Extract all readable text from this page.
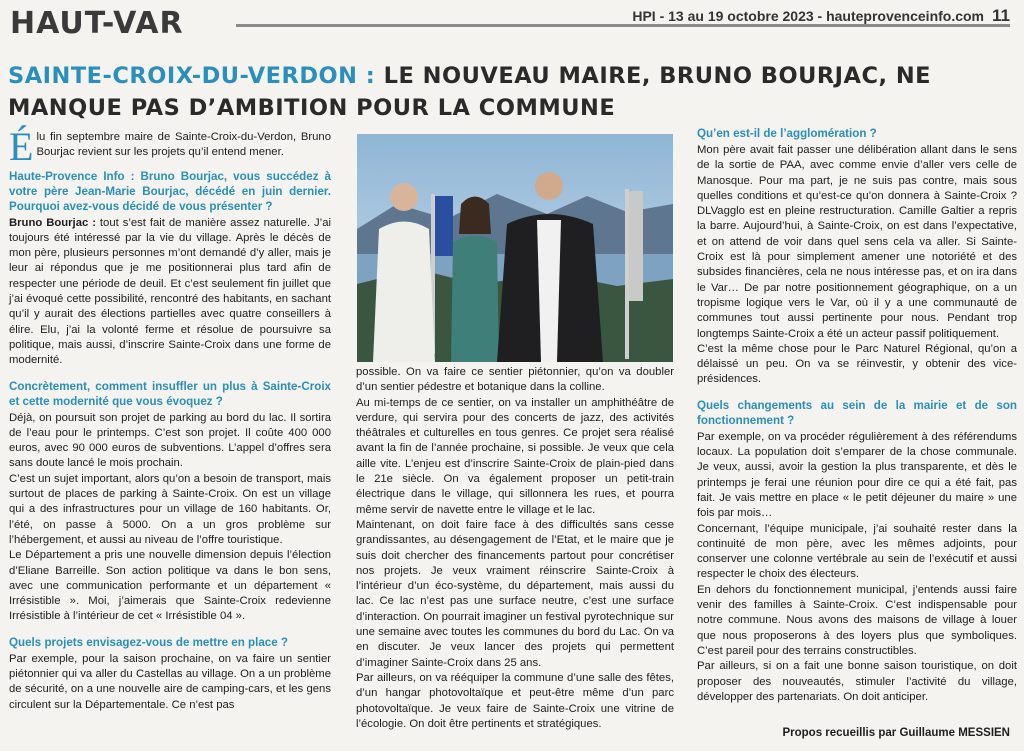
HAUT-VAR	HPI - 13 au 19 octobre 2023 - hauteprovenceinfo.com 11
SAINTE-CROIX-DU-VERDON : LE NOUVEAU MAIRE, BRUNO BOURJAC, NE MANQUE PAS D’AMBITION POUR LA COMMUNE

Élu fin septembre maire de Sainte-Croix-du-Verdon, Bruno Bourjac revient sur les projets qu’il entend mener.

Haute-Provence Info : Bruno Bourjac, vous succédez à votre père Jean-Marie Bourjac, décédé en juin dernier. Pourquoi avez-vous décidé de vous présenter ?

Bruno Bourjac : tout s’est fait de manière assez naturelle. J’ai toujours été intéressé par la vie du village. Après le décès de mon père, plusieurs personnes m’ont demandé d’y aller, mais je leur ai répondus que je me positionnerai plus tard afin de respecter une période de deuil. Et c’est seulement fin juillet que j’ai évoqué cette possibilité, rencontré des habitants, en sachant qu’il y aurait des élections partielles avec quatre conseillers à élire. Elu, j’ai la volonté ferme et résolue de poursuivre sa politique, mais aussi, d’inscrire Sainte-Croix dans une forme de modernité.

Concrètement, comment insuffler un plus à Sainte-Croix et cette modernité que vous évoquez ?

Déjà, on poursuit son projet de parking au bord du lac. Il sortira de l’eau pour le printemps. C’est son projet. Il coûte 400 000 euros, avec 90 000 euros de subventions. L’appel d’offres sera sans doute lancé le mois prochain.

C’est un sujet important, alors qu’on a besoin de transport, mais surtout de places de parking à Sainte-Croix. On est un village qui a des infrastructures pour un village de 160 habitants. Or, l’été, on passe à 5000. On a un gros problème sur l’hébergement, et aussi au niveau de l’offre touristique.

Le Département a pris une nouvelle dimension depuis l’élection d’Eliane Barreille. Son action politique va dans le bon sens, avec une communication performante et un département « Irrésistible ». Moi, j’aimerais que Sainte-Croix redevienne Irrésistible à l’intérieur de cet « Irrésistible 04 ».

Quels projets envisagez-vous de mettre en place ?

Par exemple, pour la saison prochaine, on va faire un sentier piétonnier qui va aller du Castellas au village. On a un problème de sécurité, on a une nouvelle aire de camping-cars, et les gens circulent sur la Départementale. Ce n’est pas

possible. On va faire ce sentier piétonnier, qu’on va doubler d’un sentier pédestre et botanique dans la colline.

Au mi-temps de ce sentier, on va installer un amphithéâtre de verdure, qui servira pour des concerts de jazz, des activités théâtrales et culturelles en tous genres. Ce projet sera réalisé avant la fin de l’année prochaine, si possible. Je veux que cela aille vite. L’enjeu est d’inscrire Sainte-Croix de plain-pied dans le 21e siècle. On va également proposer un petit-train électrique dans le village, qui sillonnera les rues, et pourra même servir de navette entre le village et le lac.

Maintenant, on doit faire face à des difficultés sans cesse grandissantes, au désengagement de l’Etat, et le maire que je suis doit chercher des financements partout pour concrétiser nos projets. Je veux vraiment réinscrire Sainte-Croix à l’intérieur d’un éco-système, du département, mais aussi du lac. Ce lac n’est pas une surface neutre, c’est une surface d’interaction. On pourrait imaginer un festival pyrotechnique sur une semaine avec toutes les communes du bord du Lac. On va en discuter. Je veux lancer des projets qui permettent d’imaginer Sainte-Croix dans 25 ans.

Par ailleurs, on va rééquiper la commune d’une salle des fêtes, d’un hangar photovoltaïque et peut-être même d’un parc photovoltaïque. Je veux faire de Sainte-Croix une vitrine de l’écologie. On doit être pertinents et stratégiques.

Qu’en est-il de l’agglomération ?

Mon père avait fait passer une délibération allant dans le sens de la sortie de PAA, avec comme envie d’aller vers celle de Manosque. Pour ma part, je ne suis pas contre, mais sous quelles conditions et qu’est-ce qu’on donnera à Sainte-Croix ? DLVagglo est en pleine restructuration. Camille Galtier a repris la barre. Aujourd’hui, à Sainte-Croix, on est dans l’expectative, et on attend de voir dans quel sens cela va aller. Si Sainte-Croix est là pour simplement amener une notoriété et des subsides financières, cela ne nous intéresse pas, et on ira dans le Var… De par notre positionnement géographique, on a un tropisme logique vers le Var, où il y a une communauté de communes tout aussi pertinente pour nous. Pendant trop longtemps Sainte-Croix a été un acteur passif politiquement.

C’est la même chose pour le Parc Naturel Régional, qu’on a délaissé un peu. On va se réinvestir, y obtenir des vice-présidences.

Quels changements au sein de la mairie et de son fonctionnement ?

Par exemple, on va procéder régulièrement à des référendums locaux. La population doit s’emparer de la chose communale. Je veux, aussi, avoir la gestion la plus transparente, et dès le printemps je ferai une réunion pour dire ce qui a été fait, pas fait. Je vais mettre en place « le petit déjeuner du maire » une fois par mois…

Concernant, l’équipe municipale, j’ai souhaité rester dans la continuité de mon père, avec les mêmes adjoints, pour conserver une colonne vertébrale au sein de l’exécutif et aussi respecter le choix des électeurs.

En dehors du fonctionnement municipal, j’entends aussi faire venir des familles à Sainte-Croix. C’est indispensable pour notre commune. Nous avons des maisons de village à louer que nous proposerons à des loyers plus que symboliques. C’est pareil pour des terrains constructibles.

Par ailleurs, si on a fait une bonne saison touristique, on doit proposer des nouveautés, stimuler l’activité du village, développer des partenariats. On doit anticiper.

Propos recueillis par Guillaume MESSIEN
